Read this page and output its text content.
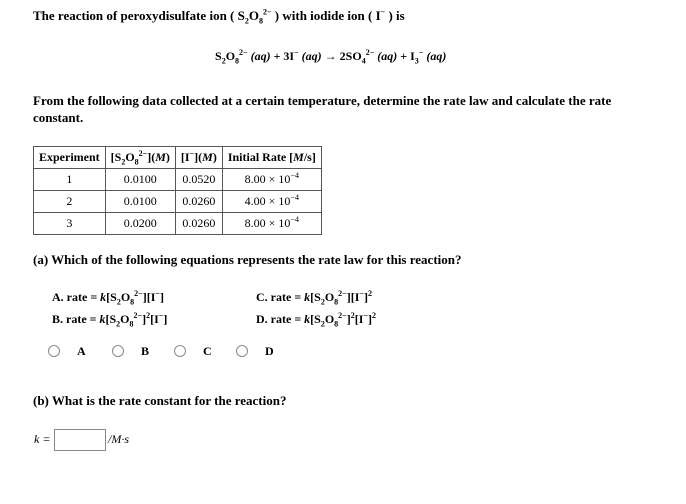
The reaction of peroxydisulfate ion ( $S_2O_8^{2-}$ ) with iodide ion ( I− ) is
$S_2O_8^{2-}$ (aq) + 3I− $(aq) \to 2SO_4^{2-}$ $(aq) + I_3^-$ (aq)
From the following data collected at a certain temperature, determine the rate law and calculate the rate constant.
Experiment	$[S_2O_8^{2-}](M)$	[I−](M)	Initial Rate [M/s]
1	0.0100	0.0520	$8.00 \times 10^{-4}$
2	0.0100	0.0260	$4.00 \times 10^{-4}$
3	0.0200	0.0260	$8.00 \times 10^{-4}$
(a) Which of the following equations represents the rate law for this reaction?
A. rate = $k[S_2O_8^{2-}][I^-]$
B. rate = $k[S_2O_8^{2-}]^2[I^-]$
C. rate = $k[S_2O_8^{2-}][I^-]^2$
D. rate = $k[S_2O_8^{2-}]^2[I^-]^2$
A	B	C	D
(b) What is the rate constant for the reaction?
k =	/M·s
